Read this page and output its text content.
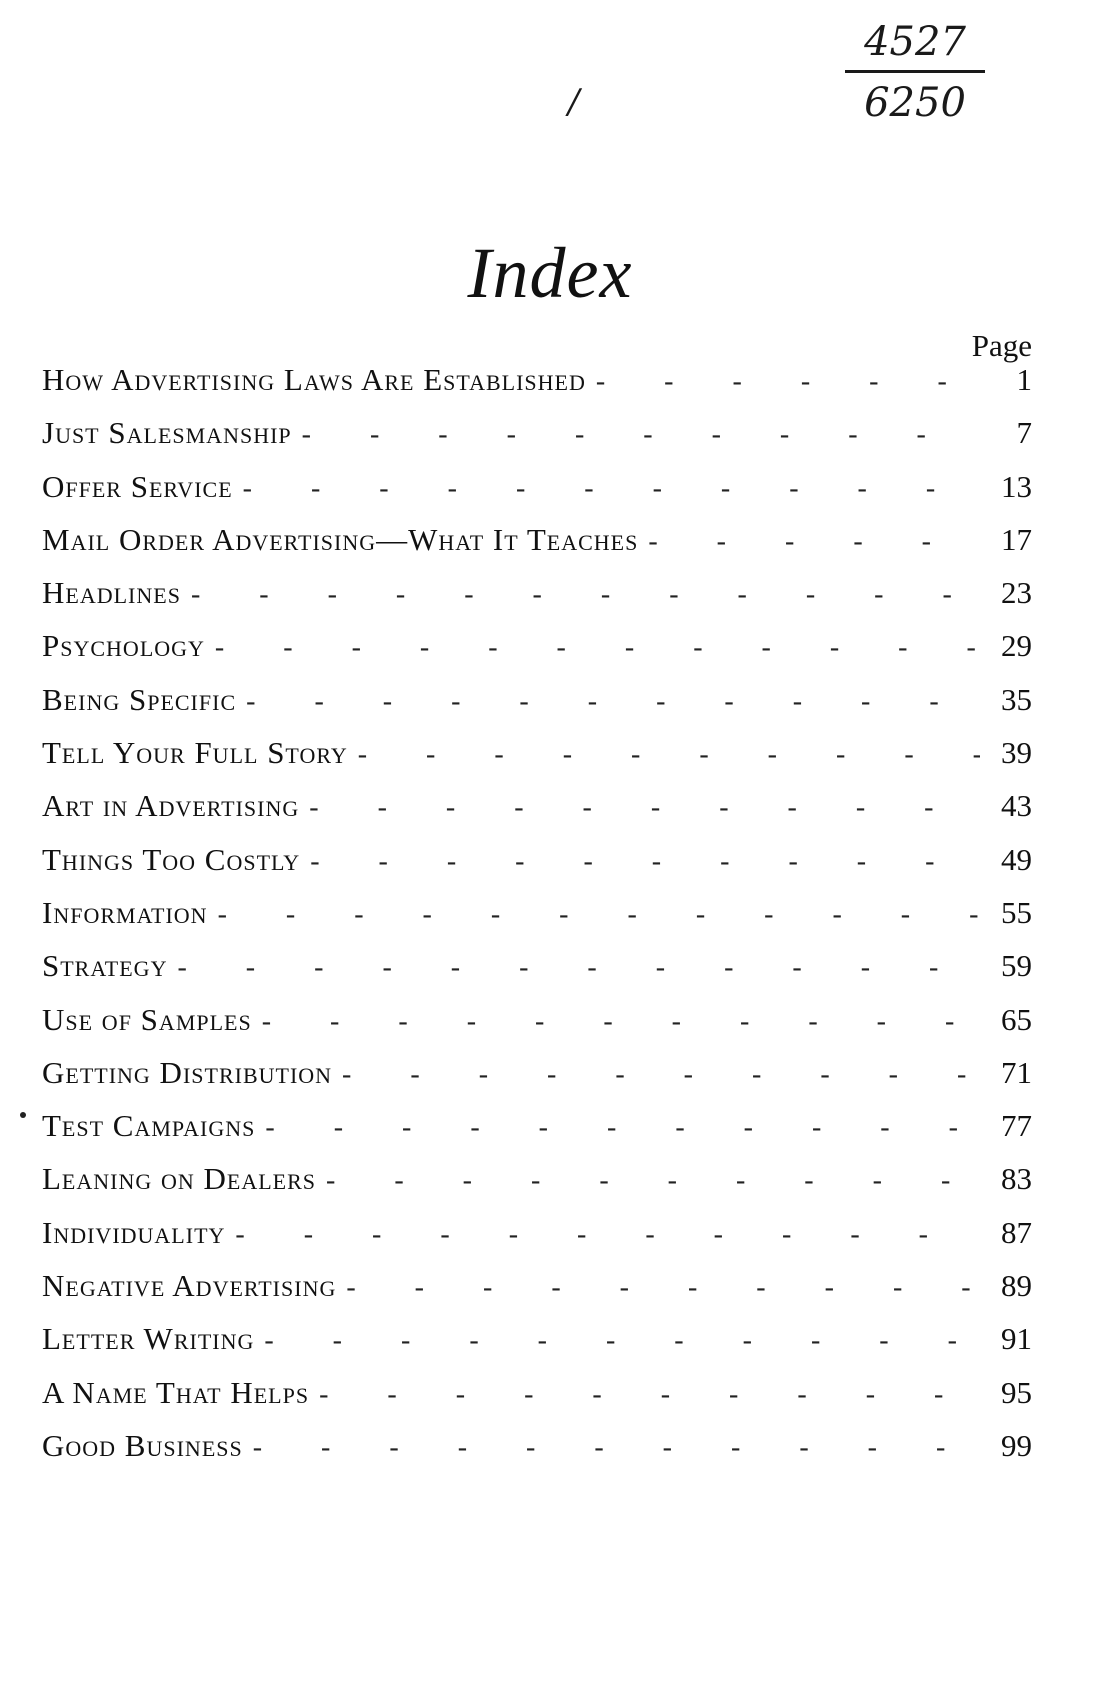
/
4527
6250
Index
Page
How Advertising Laws Are Established - - -	1
Just Salesmanship - - -	7
Offer Service - - -	13
Mail Order Advertising—What It Teaches - - -	17
Headlines - - -	23
Psychology - - -	29
Being Specific - - -	35
Tell Your Full Story - - -	39
Art in Advertising - - -	43
Things Too Costly - - -	49
Information - - -	55
Strategy - - -	59
Use of Samples - - -	65
Getting Distribution - - -	71
Test Campaigns - - -	77
Leaning on Dealers - - -	83
Individuality - - -	87
Negative Advertising - - -	89
Letter Writing - - -	91
A Name That Helps - - -	95
Good Business - - -	99
